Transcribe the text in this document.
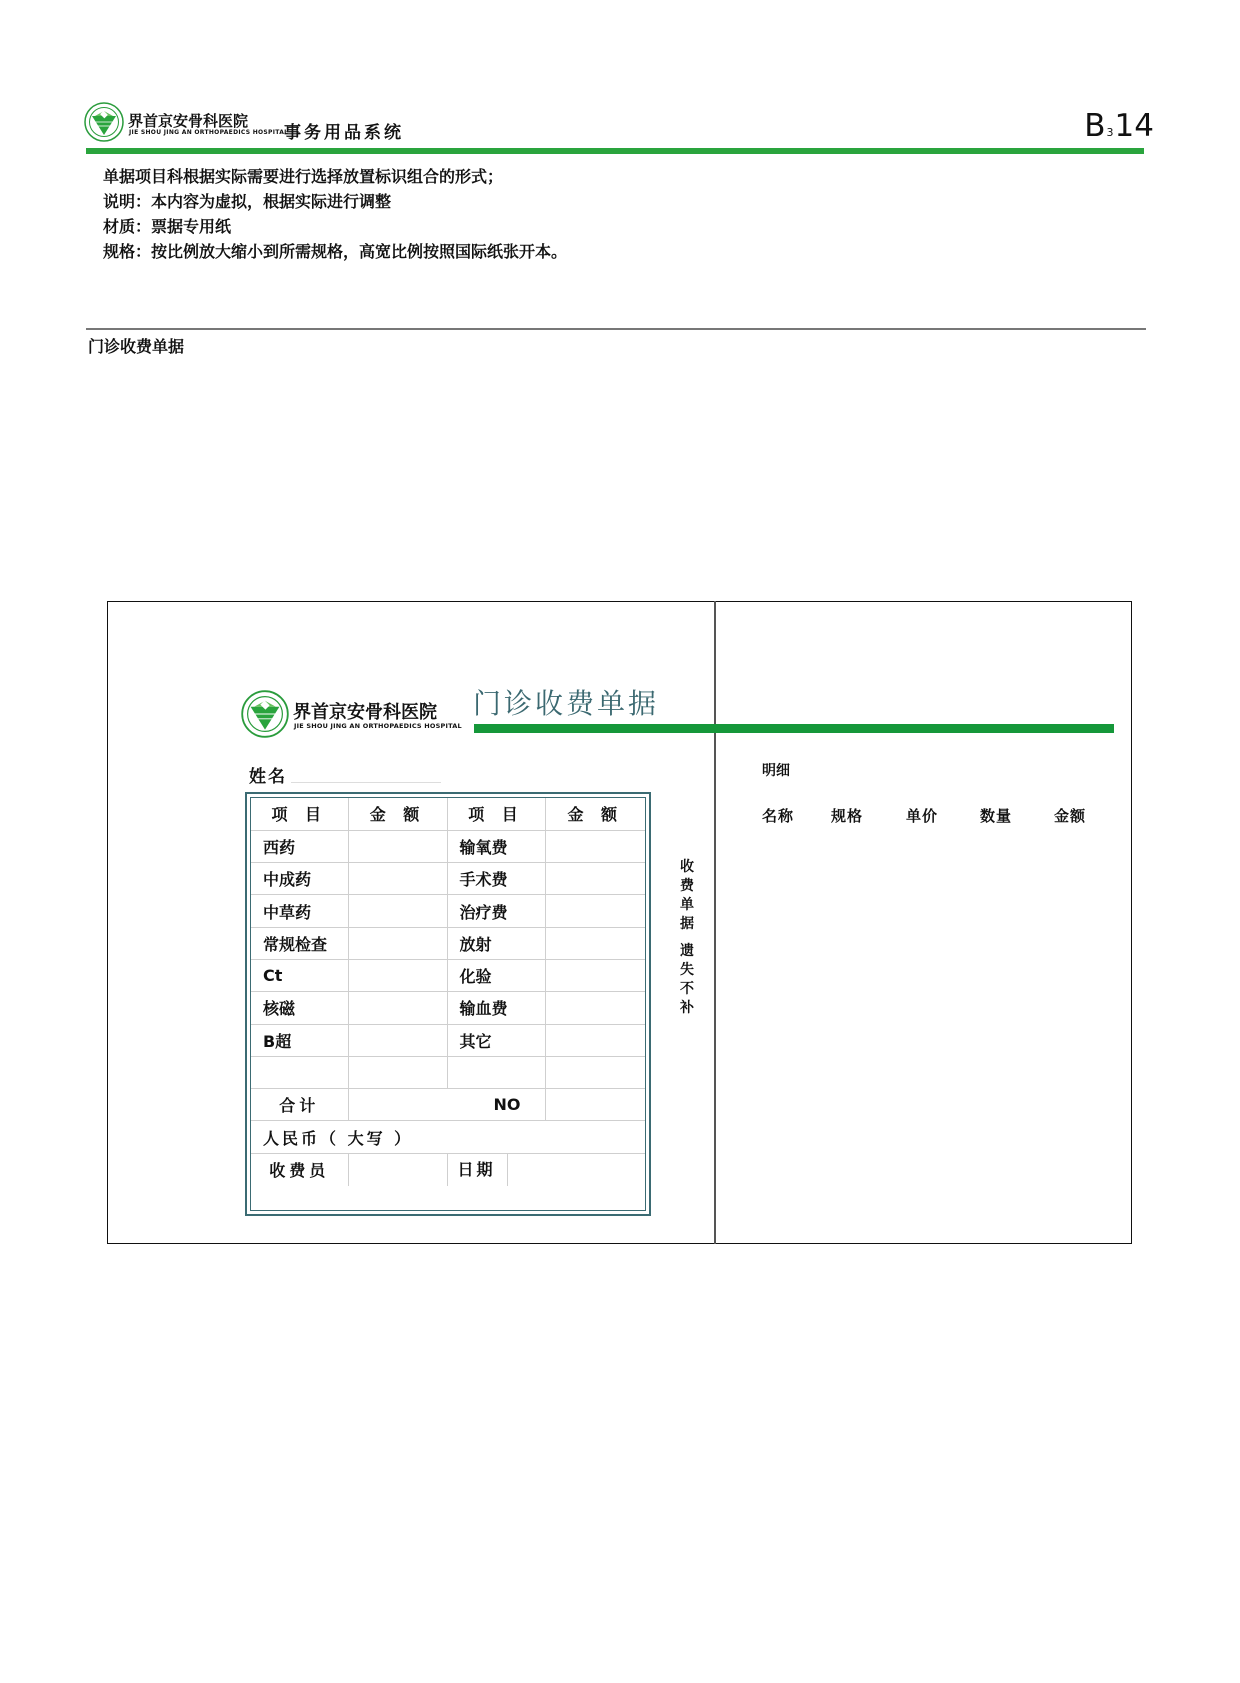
界首京安骨科医院
JIE SHOU JING AN ORTHOPAEDICS HOSPITAL
事务用品系统	B314
单据项目科根据实际需要进行选择放置标识组合的形式；
说明：本内容为虚拟，根据实际进行调整
材质：票据专用纸
规格：按比例放大缩小到所需规格，高宽比例按照国际纸张开本。
门诊收费单据
界首京安骨科医院
JIE SHOU JING AN ORTHOPAEDICS HOSPITAL
门诊收费单据
姓名
项 目	金 额	项 目	金 额
西药		输氧费	
中成药		手术费	
中草药		治疗费	
常规检查		放射	
Ct		化验	
核磁		输血费	
B超		其它	

合计	NO		

人民币（ 大写 ）			
收费员		日期	
收
费
单
据
遗
失
不
补
明细
名称 规格	单价	数量	金额
